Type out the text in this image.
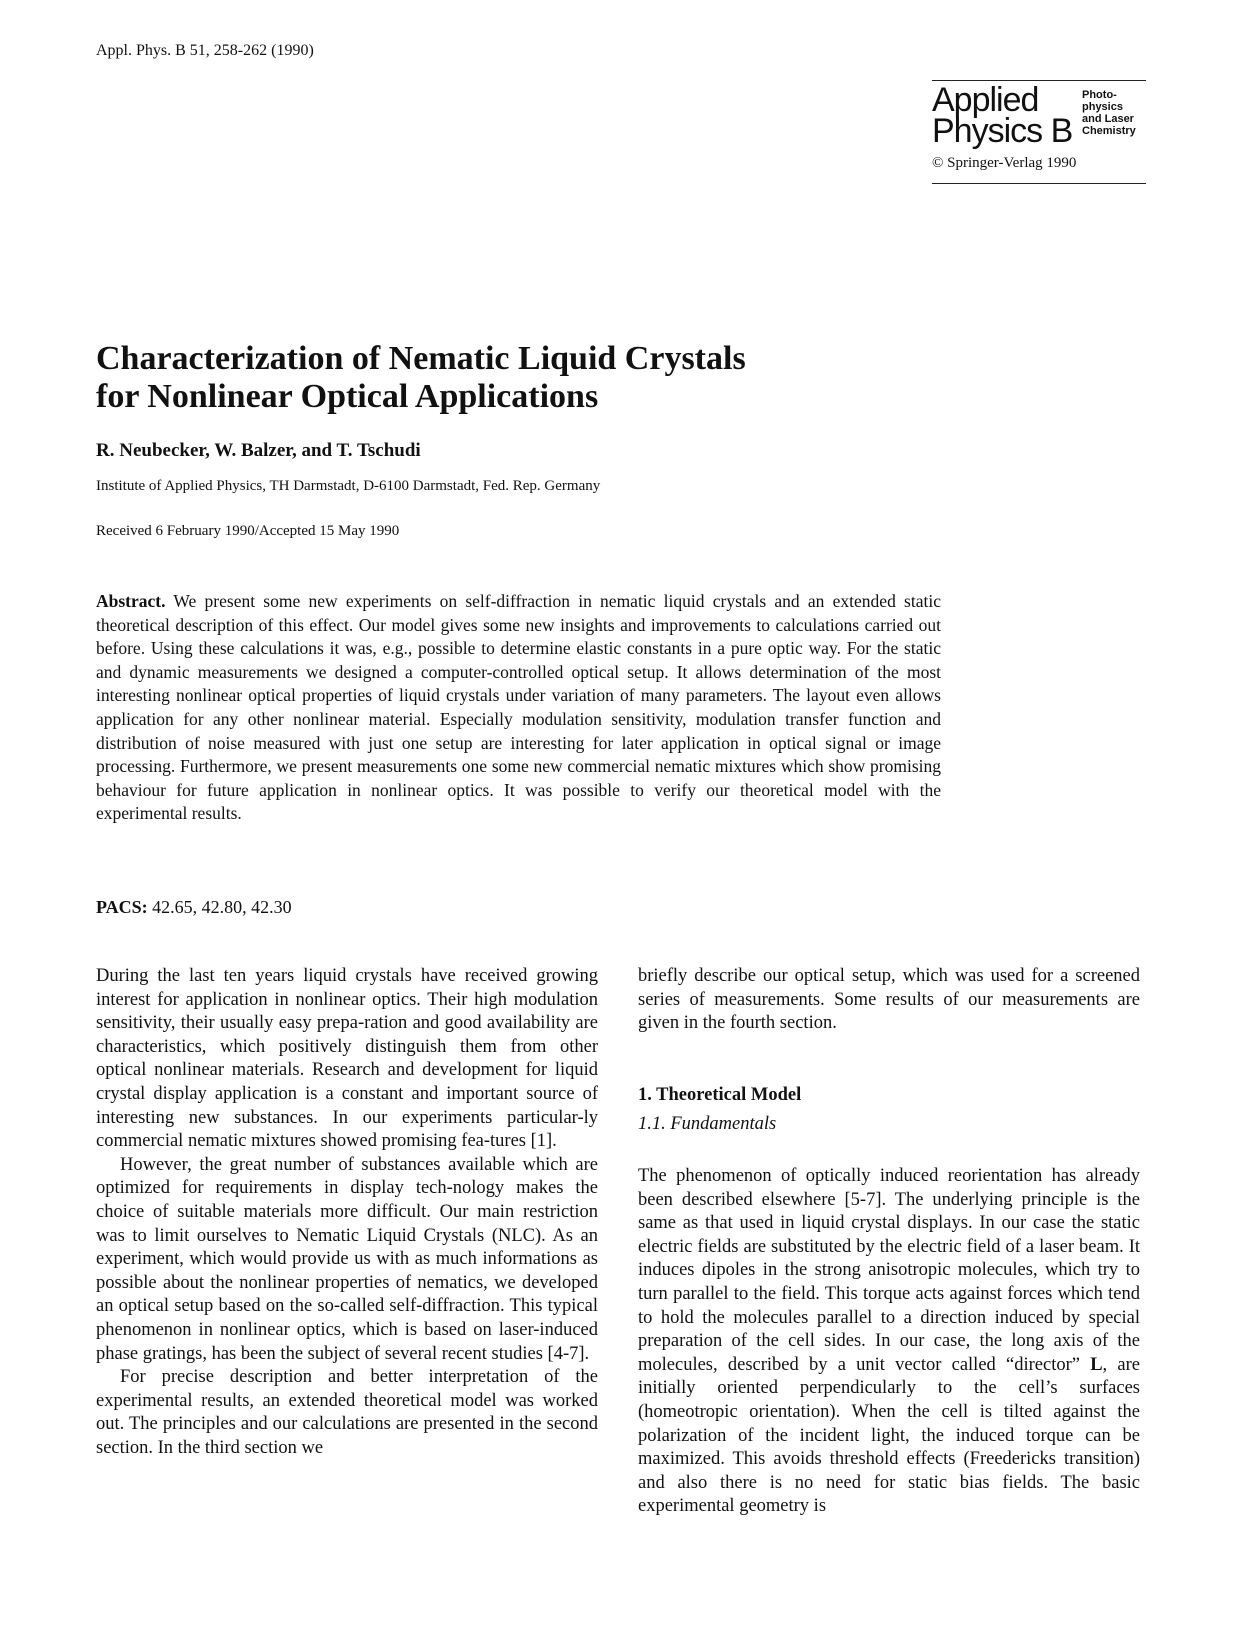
Appl. Phys. B 51, 258-262 (1990)
Applied
Physics B
Photo-
physics
and Laser
Chemistry
© Springer-Verlag 1990
Characterization of Nematic Liquid Crystals
for Nonlinear Optical Applications
R. Neubecker, W. Balzer, and T. Tschudi
Institute of Applied Physics, TH Darmstadt, D-6100 Darmstadt, Fed. Rep. Germany
Received 6 February 1990/Accepted 15 May 1990

Abstract. We present some new experiments on self-diffraction in nematic liquid crystals and an extended static theoretical description of this effect. Our model gives some new insights and improvements to calculations carried out before. Using these calculations it was, e.g., possible to determine elastic constants in a pure optic way. For the static and dynamic measurements we designed a computer-controlled optical setup. It allows determination of the most interesting nonlinear optical properties of liquid crystals under variation of many parameters. The layout even allows application for any other nonlinear material. Especially modulation sensitivity, modulation transfer function and distribution of noise measured with just one setup are interesting for later application in optical signal or image processing. Furthermore, we present measurements one some new commercial nematic mixtures which show promising behaviour for future application in nonlinear optics. It was possible to verify our theoretical model with the experimental results.

PACS: 42.65, 42.80, 42.30

During the last ten years liquid crystals have received growing interest for application in nonlinear optics. Their high modulation sensitivity, their usually easy prepa-ration and good availability are characteristics, which positively distinguish them from other optical nonlinear materials. Research and development for liquid crystal display application is a constant and important source of interesting new substances. In our experiments particular-ly commercial nematic mixtures showed promising fea-tures [1].

However, the great number of substances available which are optimized for requirements in display tech-nology makes the choice of suitable materials more difficult. Our main restriction was to limit ourselves to Nematic Liquid Crystals (NLC). As an experiment, which would provide us with as much informations as possible about the nonlinear properties of nematics, we developed an optical setup based on the so-called self-diffraction. This typical phenomenon in nonlinear optics, which is based on laser-induced phase gratings, has been the subject of several recent studies [4-7].

For precise description and better interpretation of the experimental results, an extended theoretical model was worked out. The principles and our calculations are presented in the second section. In the third section we

briefly describe our optical setup, which was used for a screened series of measurements. Some results of our measurements are given in the fourth section.

1. Theoretical Model
1.1. Fundamentals

The phenomenon of optically induced reorientation has already been described elsewhere [5-7]. The underlying principle is the same as that used in liquid crystal displays. In our case the static electric fields are substituted by the electric field of a laser beam. It induces dipoles in the strong anisotropic molecules, which try to turn parallel to the field. This torque acts against forces which tend to hold the molecules parallel to a direction induced by special preparation of the cell sides. In our case, the long axis of the molecules, described by a unit vector called “director” L, are initially oriented perpendicularly to the cell’s surfaces (homeotropic orientation). When the cell is tilted against the polarization of the incident light, the induced torque can be maximized. This avoids threshold effects (Freedericks transition) and also there is no need for static bias fields. The basic experimental geometry is
